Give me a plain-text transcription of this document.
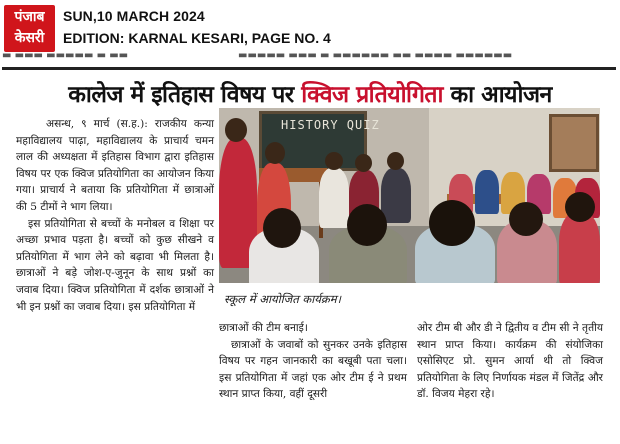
पंजाब
केसरी
SUN,10 MARCH 2024
EDITION: KARNAL KESARI, PAGE NO. 4
▬ ▬▬▬ ▬▬▬▬▬ ▬ ▬▬	▬▬▬▬▬ ▬▬▬ ▬ ▬▬▬▬▬▬ ▬▬ ▬▬▬▬ ▬▬▬▬▬▬
कालेज में इतिहास विषय पर क्विज प्रतियोगिता का आयोजन

असन्ध, ९ मार्च (स.ह.): राजकीय कन्या महाविद्यालय पाढ़ा, महाविद्यालय के प्राचार्य चमन लाल की अध्यक्षता में इतिहास विभाग द्वारा इतिहास विषय पर एक क्विज प्रतियोगिता का आयोजन किया गया। प्राचार्य ने बताया कि प्रतियोगिता में छात्राओं की 5 टीमों ने भाग लिया।

इस प्रतियोगिता से बच्चों के मनोबल व शिक्षा पर अच्छा प्रभाव पड़ता है। बच्चों को कुछ सीखने व प्रतियोगिता में भाग लेने को बढ़ावा भी मिलता है। छात्राओं ने बड़े जोश-ए-जुनून के साथ प्रश्नों का जवाब दिया। क्विज प्रतियोगिता में दर्शक छात्राओं ने भी इन प्रश्नों का जवाब दिया। इस प्रतियोगिता में

HISTORY QUIZ
स्कूल में आयोजित कार्यक्रम।

छात्राओं की टीम बनाई।

छात्राओं के जवाबों को सुनकर उनके इतिहास विषय पर गहन जानकारी का बखूबी पता चला। इस प्रतियोगिता में जहां एक ओर टीम ई ने प्रथम स्थान प्राप्त किया, वहीं दूसरी

ओर टीम बी और डी ने द्वितीय व टीम सी ने तृतीय स्थान प्राप्त किया। कार्यक्रम की संयोजिका एसोसिएट प्रो. सुमन आर्या थी तो क्विज प्रतियोगिता के लिए निर्णायक मंडल में जितेंद्र और डॉ. विजय मेहरा रहे।
